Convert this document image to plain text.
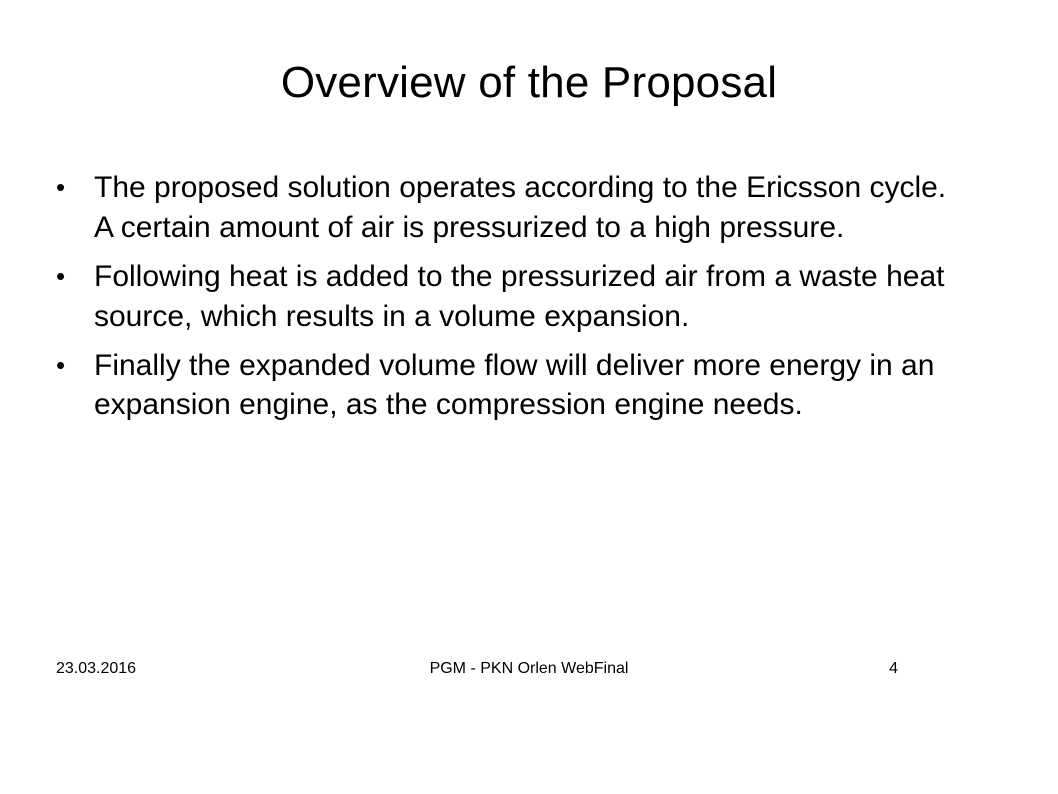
Overview of the Proposal
• The proposed solution operates according to the Ericsson cycle. A certain amount of air is pressurized to a high pressure.
• Following heat is added to the pressurized air from a waste heat source, which results in a volume expansion.
• Finally the expanded volume flow will deliver more energy in an expansion engine, as the compression engine needs.
23.03.2016	PGM - PKN Orlen WebFinal	4
